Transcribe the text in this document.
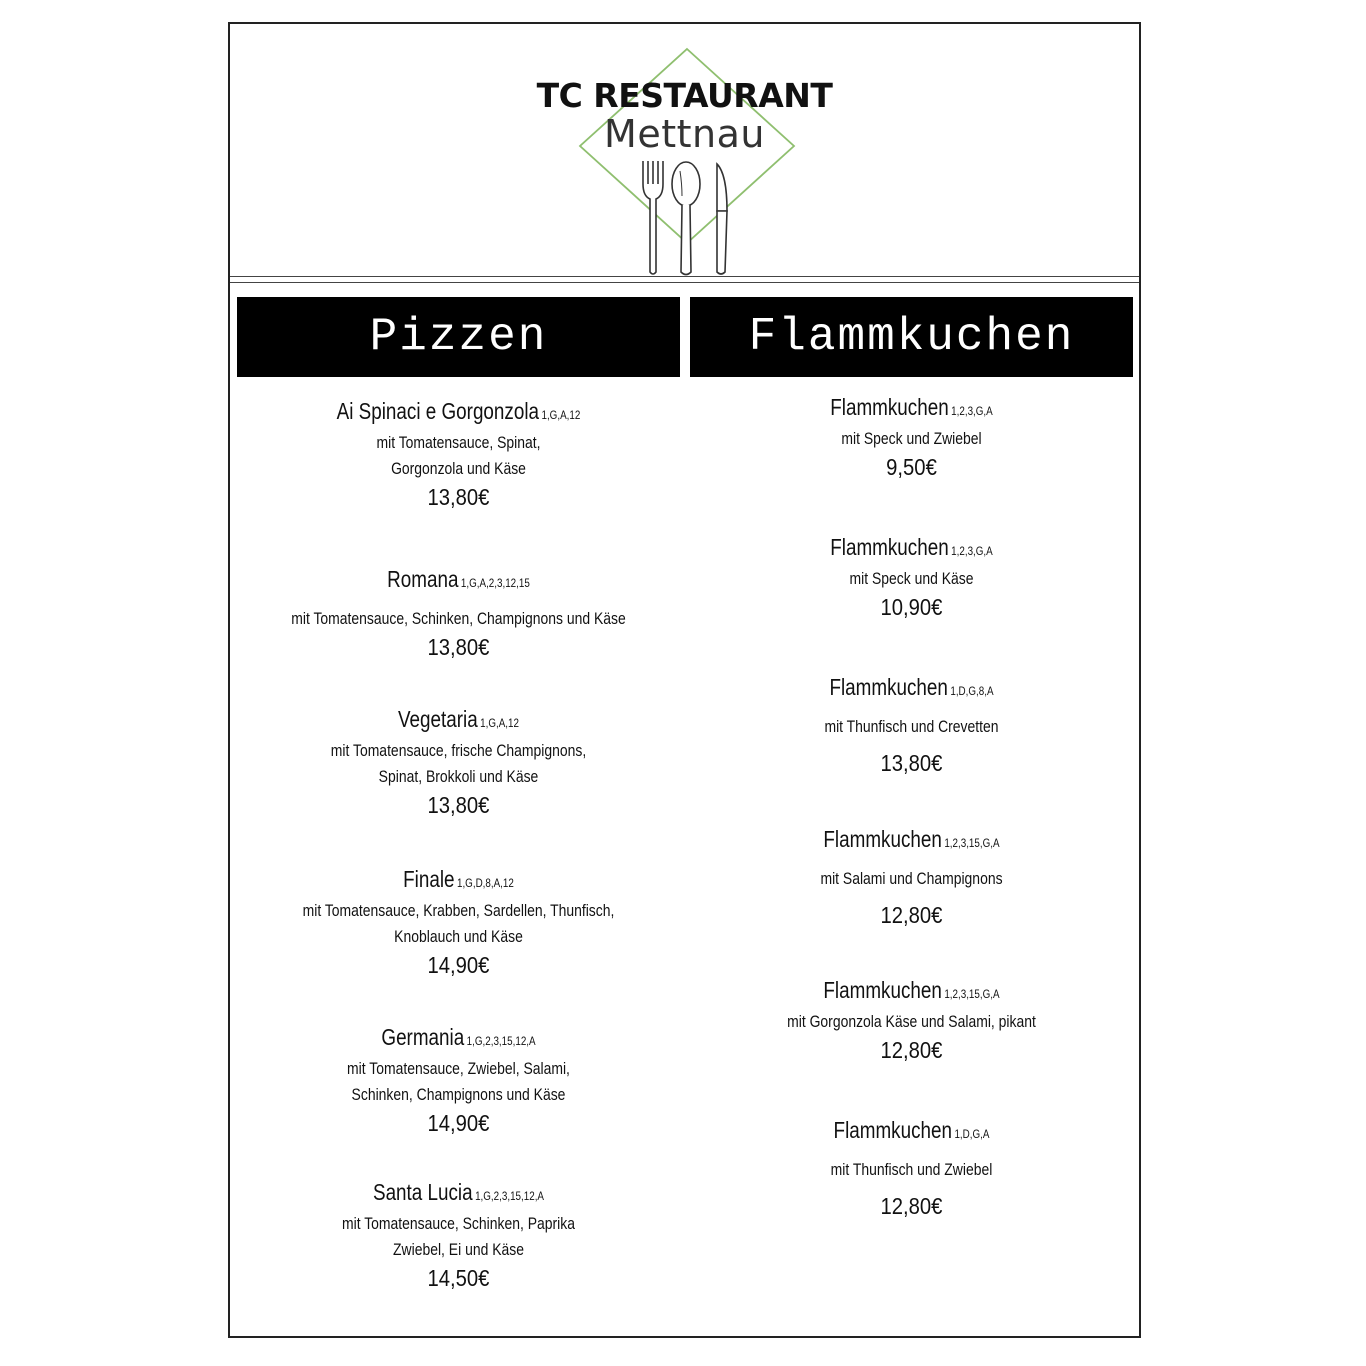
TC RESTAURANT
Mettnau
Pizzen	Flammkuchen
Ai Spinaci e Gorgonzola 1,G,A,12
mit Tomatensauce, Spinat,
Gorgonzola und Käse
13,80€
Romana 1,G,A,2,3,12,15
mit Tomatensauce, Schinken, Champignons und Käse
13,80€
Vegetaria 1,G,A,12
mit Tomatensauce, frische Champignons,
Spinat, Brokkoli und Käse
13,80€
Finale 1,G,D,8,A,12
mit Tomatensauce, Krabben, Sardellen, Thunfisch,
Knoblauch und Käse
14,90€
Germania 1,G,2,3,15,12,A
mit Tomatensauce, Zwiebel, Salami,
Schinken, Champignons und Käse
14,90€
Santa Lucia 1,G,2,3,15,12,A
mit Tomatensauce, Schinken, Paprika
Zwiebel, Ei und Käse
14,50€
Flammkuchen 1,2,3,G,A
mit Speck und Zwiebel
9,50€
Flammkuchen 1,2,3,G,A
mit Speck und Käse
10,90€
Flammkuchen 1,D,G,8,A
mit Thunfisch und Crevetten
13,80€
Flammkuchen 1,2,3,15,G,A
mit Salami und Champignons
12,80€
Flammkuchen 1,2,3,15,G,A
mit Gorgonzola Käse und Salami, pikant
12,80€
Flammkuchen 1,D,G,A
mit Thunfisch und Zwiebel
12,80€
